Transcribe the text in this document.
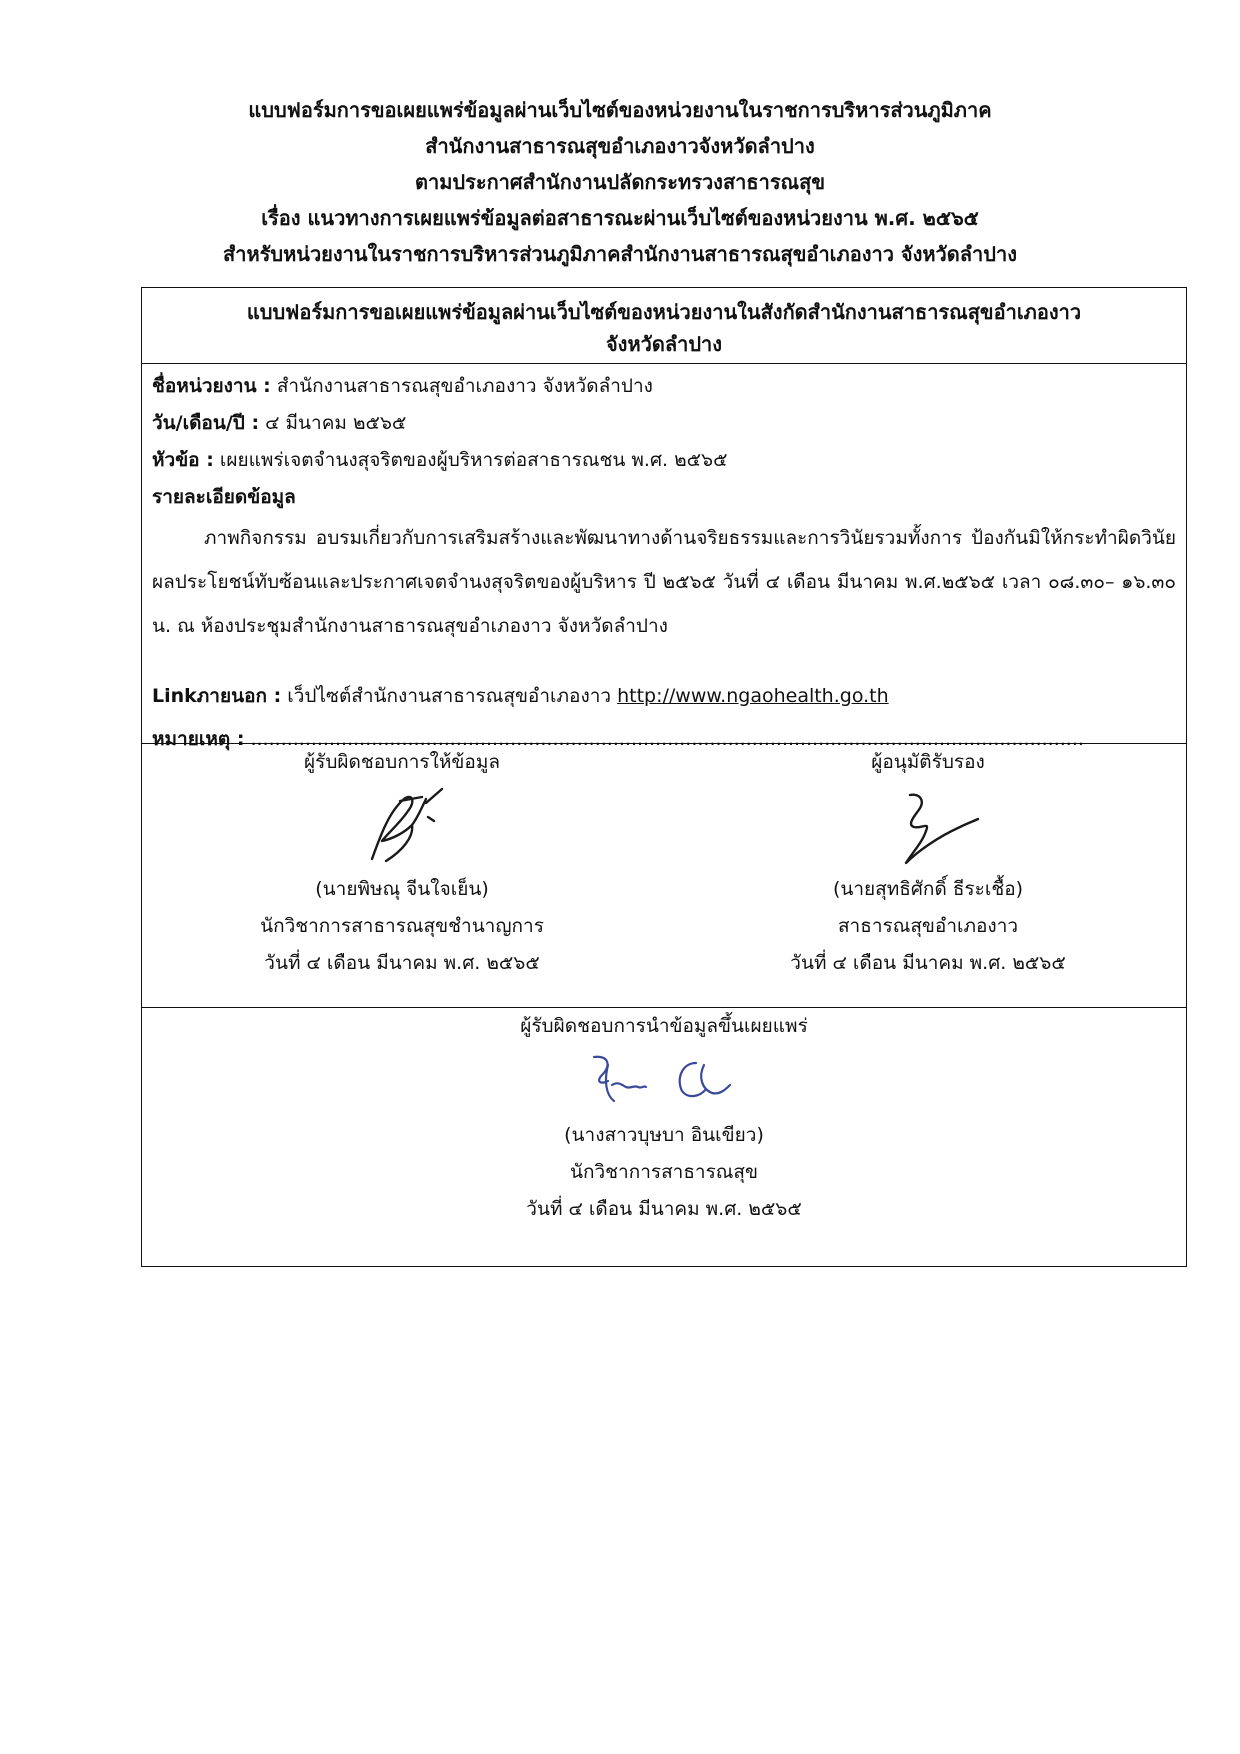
แบบฟอร์มการขอเผยแพร่ข้อมูลผ่านเว็บไซต์ของหน่วยงานในราชการบริหารส่วนภูมิภาค
สำนักงานสาธารณสุขอำเภองาวจังหวัดลำปาง
ตามประกาศสำนักงานปลัดกระทรวงสาธารณสุข
เรื่อง แนวทางการเผยแพร่ข้อมูลต่อสาธารณะผ่านเว็บไซต์ของหน่วยงาน พ.ศ. ๒๕๖๕
สำหรับหน่วยงานในราชการบริหารส่วนภูมิภาคสำนักงานสาธารณสุขอำเภองาว จังหวัดลำปาง
แบบฟอร์มการขอเผยแพร่ข้อมูลผ่านเว็บไซต์ของหน่วยงานในสังกัดสำนักงานสาธารณสุขอำเภองาว
จังหวัดลำปาง
ชื่อหน่วยงาน : สำนักงานสาธารณสุขอำเภองาว จังหวัดลำปาง
วัน/เดือน/ปี : ๔ มีนาคม ๒๕๖๕
หัวข้อ : เผยแพร่เจตจำนงสุจริตของผู้บริหารต่อสาธารณชน พ.ศ. ๒๕๖๕
รายละเอียดข้อมูล
ภาพกิจกรรม อบรมเกี่ยวกับการเสริมสร้างและพัฒนาทางด้านจริยธรรมและการวินัยรวมทั้งการ ป้องกันมิให้กระทำผิดวินัย ผลประโยชน์ทับซ้อนและประกาศเจตจำนงสุจริตของผู้บริหาร ปี ๒๕๖๕ วันที่ ๔ เดือน มีนาคม พ.ศ.๒๕๖๕ เวลา ๐๘.๓๐– ๑๖.๓๐ น. ณ ห้องประชุมสำนักงานสาธารณสุขอำเภองาว จังหวัดลำปาง
Linkภายนอก : เว็ปไซต์สำนักงานสาธารณสุขอำเภองาว http://www.ngaohealth.go.th
หมายเหตุ : ..........................................................................................................................................
ผู้รับผิดชอบการให้ข้อมูล
(นายพิษณุ จีนใจเย็น)
นักวิชาการสาธารณสุขชำนาญการ
วันที่ ๔ เดือน มีนาคม พ.ศ. ๒๕๖๕
ผู้อนุมัติรับรอง
(นายสุทธิศักดิ์ ธีระเชื้อ)
สาธารณสุขอำเภองาว
วันที่ ๔ เดือน มีนาคม พ.ศ. ๒๕๖๕
ผู้รับผิดชอบการนำข้อมูลขึ้นเผยแพร่
(นางสาวบุษบา อินเขียว)
นักวิชาการสาธารณสุข
วันที่ ๔ เดือน มีนาคม พ.ศ. ๒๕๖๕
